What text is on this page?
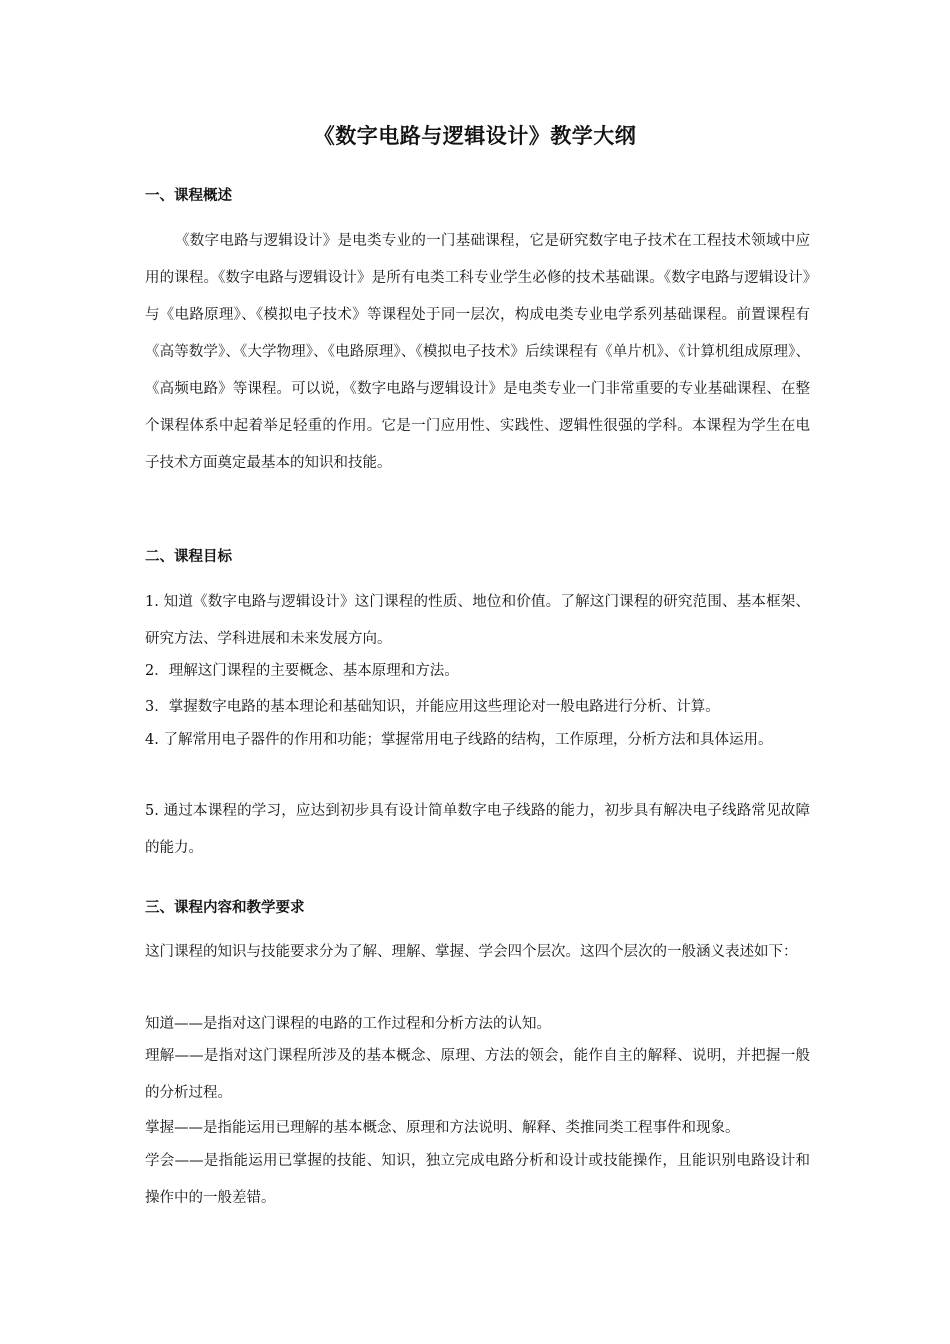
《数字电路与逻辑设计》教学大纲
一、课程概述

《数字电路与逻辑设计》是电类专业的一门基础课程，它是研究数字电子技术在工程技术领域中应用的课程。《数字电路与逻辑设计》是所有电类工科专业学生必修的技术基础课。《数字电路与逻辑设计》与《电路原理》、《模拟电子技术》等课程处于同一层次，构成电类专业电学系列基础课程。前置课程有《高等数学》、《大学物理》、《电路原理》、《模拟电子技术》后续课程有《单片机》、《计算机组成原理》、《高频电路》等课程。可以说，《数字电路与逻辑设计》是电类专业一门非常重要的专业基础课程、在整个课程体系中起着举足轻重的作用。它是一门应用性、实践性、逻辑性很强的学科。本课程为学生在电子技术方面奠定最基本的知识和技能。

二、课程目标

1. 知道《数字电路与逻辑设计》这门课程的性质、地位和价值。了解这门课程的研究范围、基本框架、研究方法、学科进展和未来发展方向。

2．理解这门课程的主要概念、基本原理和方法。
3．掌握数字电路的基本理论和基础知识，并能应用这些理论对一般电路进行分析、计算。

4. 了解常用电子器件的作用和功能；掌握常用电子线路的结构，工作原理，分析方法和具体运用。

5. 通过本课程的学习，应达到初步具有设计简单数字电子线路的能力，初步具有解决电子线路常见故障的能力。

三、课程内容和教学要求

这门课程的知识与技能要求分为了解、理解、掌握、学会四个层次。这四个层次的一般涵义表述如下：

知道——是指对这门课程的电路的工作过程和分析方法的认知。

理解——是指对这门课程所涉及的基本概念、原理、方法的领会，能作自主的解释、说明，并把握一般的分析过程。

掌握——是指能运用已理解的基本概念、原理和方法说明、解释、类推同类工程事件和现象。

学会——是指能运用已掌握的技能、知识，独立完成电路分析和设计或技能操作，且能识别电路设计和操作中的一般差错。
